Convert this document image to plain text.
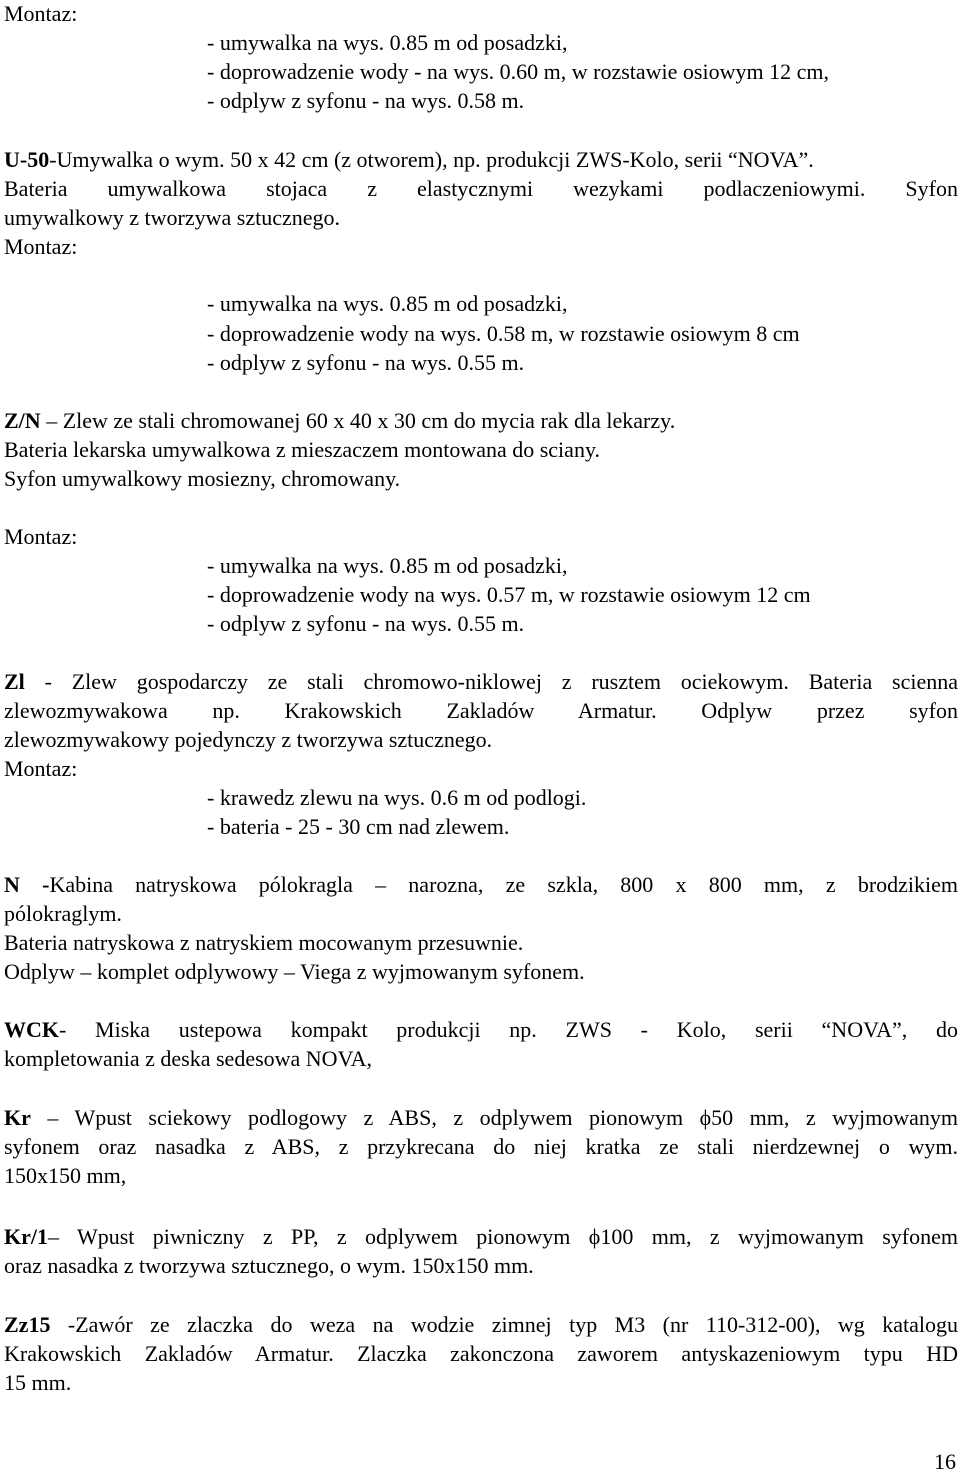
Montaz:
- umywalka na wys. 0.85 m od posadzki,
- doprowadzenie wody - na wys. 0.60 m, w rozstawie osiowym 12 cm,
- odplyw z syfonu - na wys. 0.58 m.
U-50-Umywalka o wym. 50 x 42 cm (z otworem), np. produkcji ZWS-Kolo, serii “NOVA”.
Bateria umywalkowa stojaca z elastycznymi wezykami podlaczeniowymi. Syfon
umywalkowy z tworzywa sztucznego.
Montaz:
- umywalka na wys. 0.85 m od posadzki,
- doprowadzenie wody na wys. 0.58 m, w rozstawie osiowym 8 cm
- odplyw z syfonu - na wys. 0.55 m.
Z/N – Zlew ze stali chromowanej 60 x 40 x 30 cm do mycia rak dla lekarzy.
Bateria lekarska umywalkowa z mieszaczem montowana do sciany.
Syfon umywalkowy mosiezny, chromowany.
Montaz:
- umywalka na wys. 0.85 m od posadzki,
- doprowadzenie wody na wys. 0.57 m, w rozstawie osiowym 12 cm
- odplyw z syfonu - na wys. 0.55 m.
Zl - Zlew gospodarczy ze stali chromowo-niklowej z rusztem ociekowym. Bateria scienna
zlewozmywakowa np. Krakowskich Zakladów Armatur. Odplyw przez syfon
zlewozmywakowy pojedynczy z tworzywa sztucznego.
Montaz:
- krawedz zlewu na wys. 0.6 m od podlogi.
- bateria - 25 - 30 cm nad zlewem.
N -Kabina natryskowa pólokragla – narozna, ze szkla, 800 x 800 mm, z brodzikiem
pólokraglym.
Bateria natryskowa z natryskiem mocowanym przesuwnie.
Odplyw – komplet odplywowy – Viega z wyjmowanym syfonem.
WCK- Miska ustepowa kompakt produkcji np. ZWS - Kolo, serii “NOVA”, do
kompletowania z deska sedesowa NOVA,
Kr – Wpust sciekowy podlogowy z ABS, z odplywem pionowym ϕ50 mm, z wyjmowanym
syfonem oraz nasadka z ABS, z przykrecana do niej kratka ze stali nierdzewnej o wym.
150x150 mm,
Kr/1– Wpust piwniczny z PP, z odplywem pionowym ϕ100 mm, z wyjmowanym syfonem
oraz nasadka z tworzywa sztucznego, o wym. 150x150 mm.
Zz15 -Zawór ze zlaczka do weza na wodzie zimnej typ M3 (nr 110-312-00), wg katalogu
Krakowskich Zakladów Armatur. Zlaczka zakonczona zaworem antyskazeniowym typu HD
15 mm.
16
